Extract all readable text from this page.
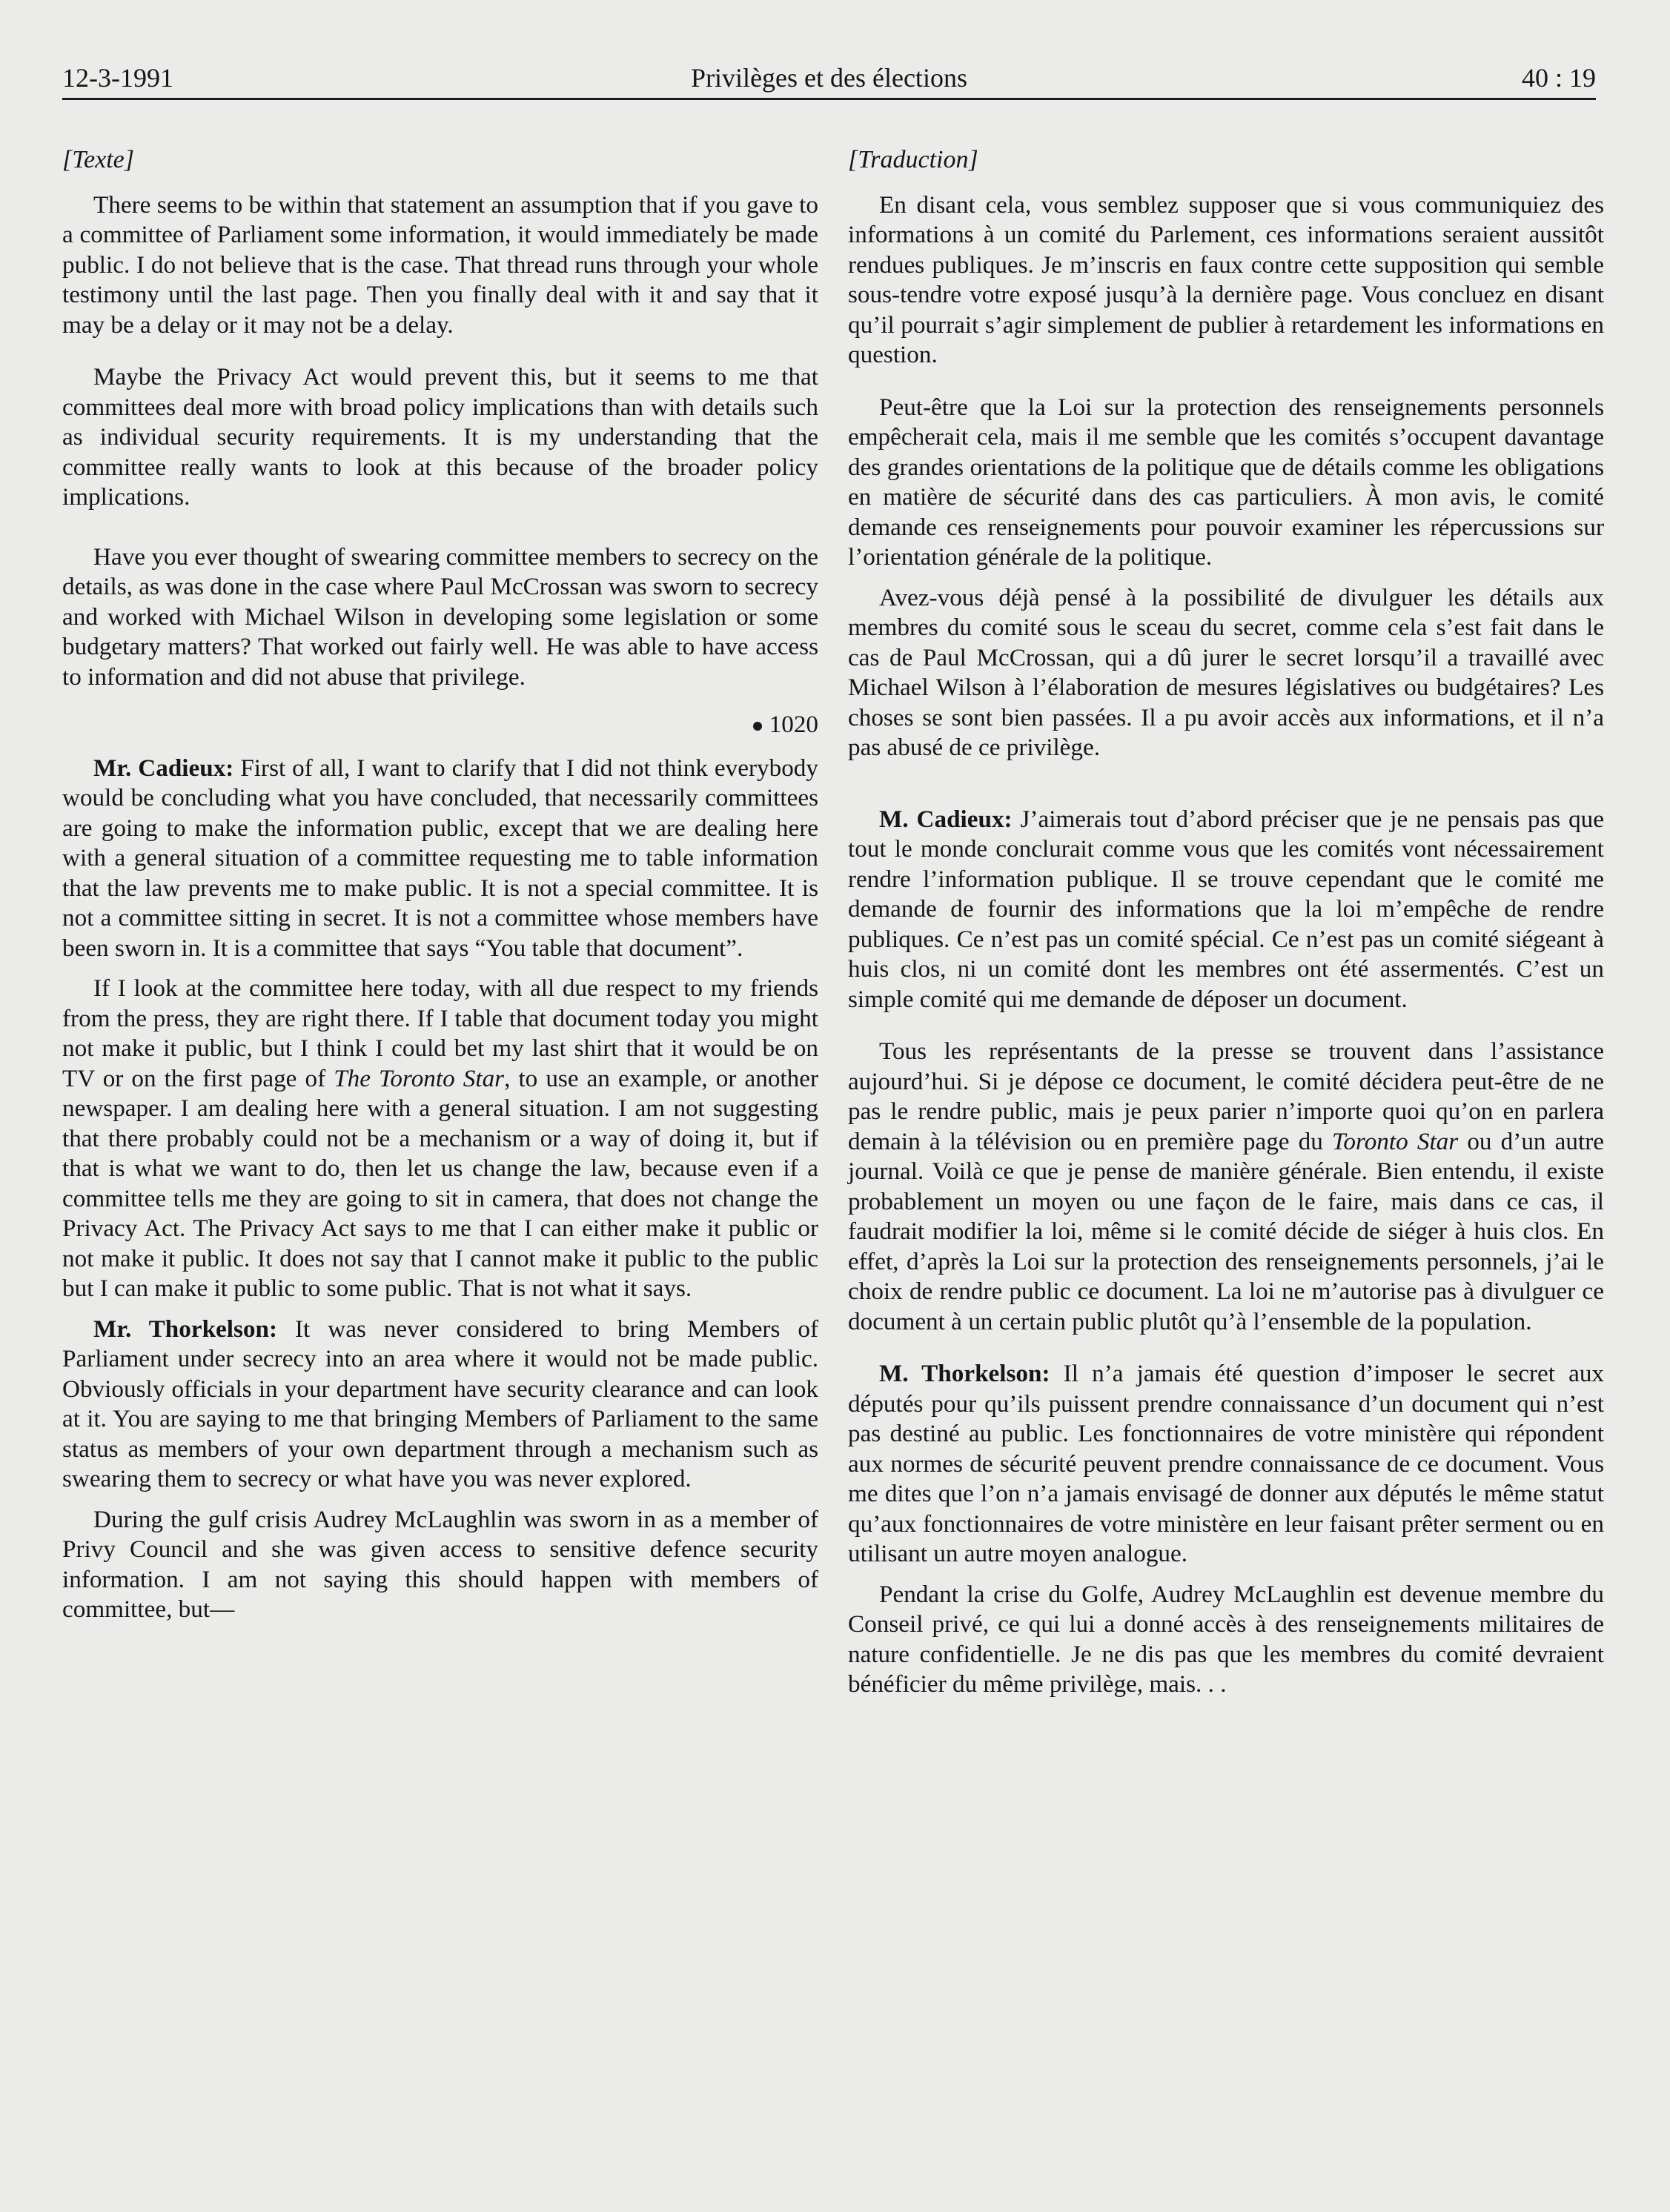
12-3-1991	Privilèges et des élections	40 : 19
[Texte]

There seems to be within that statement an assumption that if you gave to a committee of Parliament some information, it would immediately be made public. I do not believe that is the case. That thread runs through your whole testimony until the last page. Then you finally deal with it and say that it may be a delay or it may not be a delay.

Maybe the Privacy Act would prevent this, but it seems to me that committees deal more with broad policy implications than with details such as individual security requirements. It is my understanding that the committee really wants to look at this because of the broader policy implications.

Have you ever thought of swearing committee members to secrecy on the details, as was done in the case where Paul McCrossan was sworn to secrecy and worked with Michael Wilson in developing some legislation or some budgetary matters? That worked out fairly well. He was able to have access to information and did not abuse that privilege.

1020

Mr. Cadieux: First of all, I want to clarify that I did not think everybody would be concluding what you have concluded, that necessarily committees are going to make the information public, except that we are dealing here with a general situation of a committee requesting me to table information that the law prevents me to make public. It is not a special committee. It is not a committee sitting in secret. It is not a committee whose members have been sworn in. It is a committee that says “You table that document”.

If I look at the committee here today, with all due respect to my friends from the press, they are right there. If I table that document today you might not make it public, but I think I could bet my last shirt that it would be on TV or on the first page of The Toronto Star, to use an example, or another newspaper. I am dealing here with a general situation. I am not suggesting that there probably could not be a mechanism or a way of doing it, but if that is what we want to do, then let us change the law, because even if a committee tells me they are going to sit in camera, that does not change the Privacy Act. The Privacy Act says to me that I can either make it public or not make it public. It does not say that I cannot make it public to the public but I can make it public to some public. That is not what it says.

Mr. Thorkelson: It was never considered to bring Members of Parliament under secrecy into an area where it would not be made public. Obviously officials in your department have security clearance and can look at it. You are saying to me that bringing Members of Parliament to the same status as members of your own department through a mechanism such as swearing them to secrecy or what have you was never explored.

During the gulf crisis Audrey McLaughlin was sworn in as a member of Privy Council and she was given access to sensitive defence security information. I am not saying this should happen with members of committee, but—

[Traduction]

En disant cela, vous semblez supposer que si vous communiquiez des informations à un comité du Parlement, ces informations seraient aussitôt rendues publiques. Je m’inscris en faux contre cette supposition qui semble sous-tendre votre exposé jusqu’à la dernière page. Vous concluez en disant qu’il pourrait s’agir simplement de publier à retardement les informations en question.

Peut-être que la Loi sur la protection des renseignements personnels empêcherait cela, mais il me semble que les comités s’occupent davantage des grandes orientations de la politique que de détails comme les obligations en matière de sécurité dans des cas particuliers. À mon avis, le comité demande ces renseignements pour pouvoir examiner les répercussions sur l’orientation générale de la politique.

Avez-vous déjà pensé à la possibilité de divulguer les détails aux membres du comité sous le sceau du secret, comme cela s’est fait dans le cas de Paul McCrossan, qui a dû jurer le secret lorsqu’il a travaillé avec Michael Wilson à l’élaboration de mesures législatives ou budgétaires? Les choses se sont bien passées. Il a pu avoir accès aux informations, et il n’a pas abusé de ce privilège.

M. Cadieux: J’aimerais tout d’abord préciser que je ne pensais pas que tout le monde conclurait comme vous que les comités vont nécessairement rendre l’information publique. Il se trouve cependant que le comité me demande de fournir des informations que la loi m’empêche de rendre publiques. Ce n’est pas un comité spécial. Ce n’est pas un comité siégeant à huis clos, ni un comité dont les membres ont été assermentés. C’est un simple comité qui me demande de déposer un document.

Tous les représentants de la presse se trouvent dans l’assistance aujourd’hui. Si je dépose ce document, le comité décidera peut-être de ne pas le rendre public, mais je peux parier n’importe quoi qu’on en parlera demain à la télévision ou en première page du Toronto Star ou d’un autre journal. Voilà ce que je pense de manière générale. Bien entendu, il existe probablement un moyen ou une façon de le faire, mais dans ce cas, il faudrait modifier la loi, même si le comité décide de siéger à huis clos. En effet, d’après la Loi sur la protection des renseignements personnels, j’ai le choix de rendre public ce document. La loi ne m’autorise pas à divulguer ce document à un certain public plutôt qu’à l’ensemble de la population.

M. Thorkelson: Il n’a jamais été question d’imposer le secret aux députés pour qu’ils puissent prendre connaissance d’un document qui n’est pas destiné au public. Les fonctionnaires de votre ministère qui répondent aux normes de sécurité peuvent prendre connaissance de ce document. Vous me dites que l’on n’a jamais envisagé de donner aux députés le même statut qu’aux fonctionnaires de votre ministère en leur faisant prêter serment ou en utilisant un autre moyen analogue.

Pendant la crise du Golfe, Audrey McLaughlin est devenue membre du Conseil privé, ce qui lui a donné accès à des renseignements militaires de nature confidentielle. Je ne dis pas que les membres du comité devraient bénéficier du même privilège, mais. . .
